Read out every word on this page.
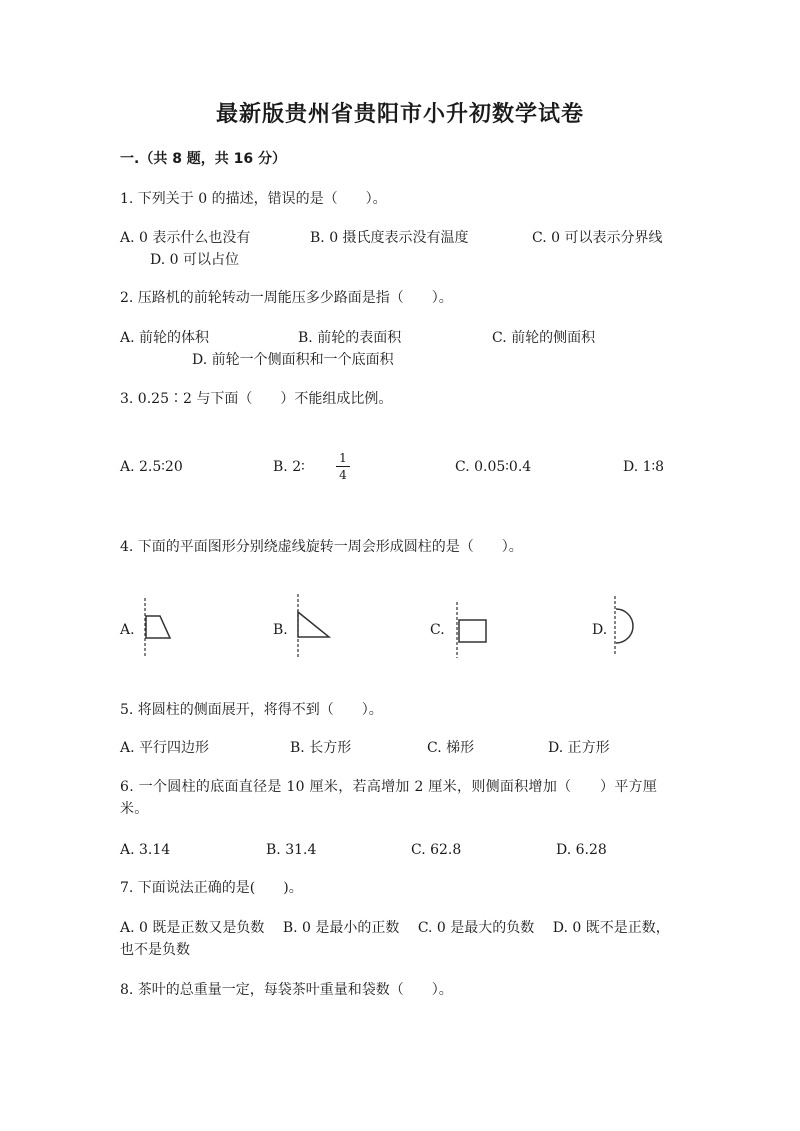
最新版贵州省贵阳市小升初数学试卷
一.（共 8 题，共 16 分）
1. 下列关于 0 的描述，错误的是（　　）。
A. 0 表示什么也没有	B. 0 摄氏度表示没有温度	C. 0 可以表示分界线
D. 0 可以占位
2. 压路机的前轮转动一周能压多少路面是指（　　）。
A. 前轮的体积	B. 前轮的表面积	C. 前轮的侧面积
D. 前轮一个侧面积和一个底面积
3. 0.25∶2 与下面（　　）不能组成比例。
A. 2.5∶20	B. 2∶
1
4	C. 0.05∶0.4	D. 1∶8
4. 下面的平面图形分别绕虚线旋转一周会形成圆柱的是（　　）。
A.	B.	C.	D.
5. 将圆柱的侧面展开，将得不到（　　）。
A. 平行四边形	B. 长方形	C. 梯形	D. 正方形
6. 一个圆柱的底面直径是 10 厘米，若高增加 2 厘米，则侧面积增加（　　）平方厘米。
A. 3.14	B. 31.4	C. 62.8	D. 6.28
7. 下面说法正确的是(　　)。
A. 0 既是正数又是负数　 B. 0 是最小的正数　 C. 0 是最大的负数　 D. 0 既不是正数，也不是负数
8. 茶叶的总重量一定，每袋茶叶重量和袋数（　　）。
